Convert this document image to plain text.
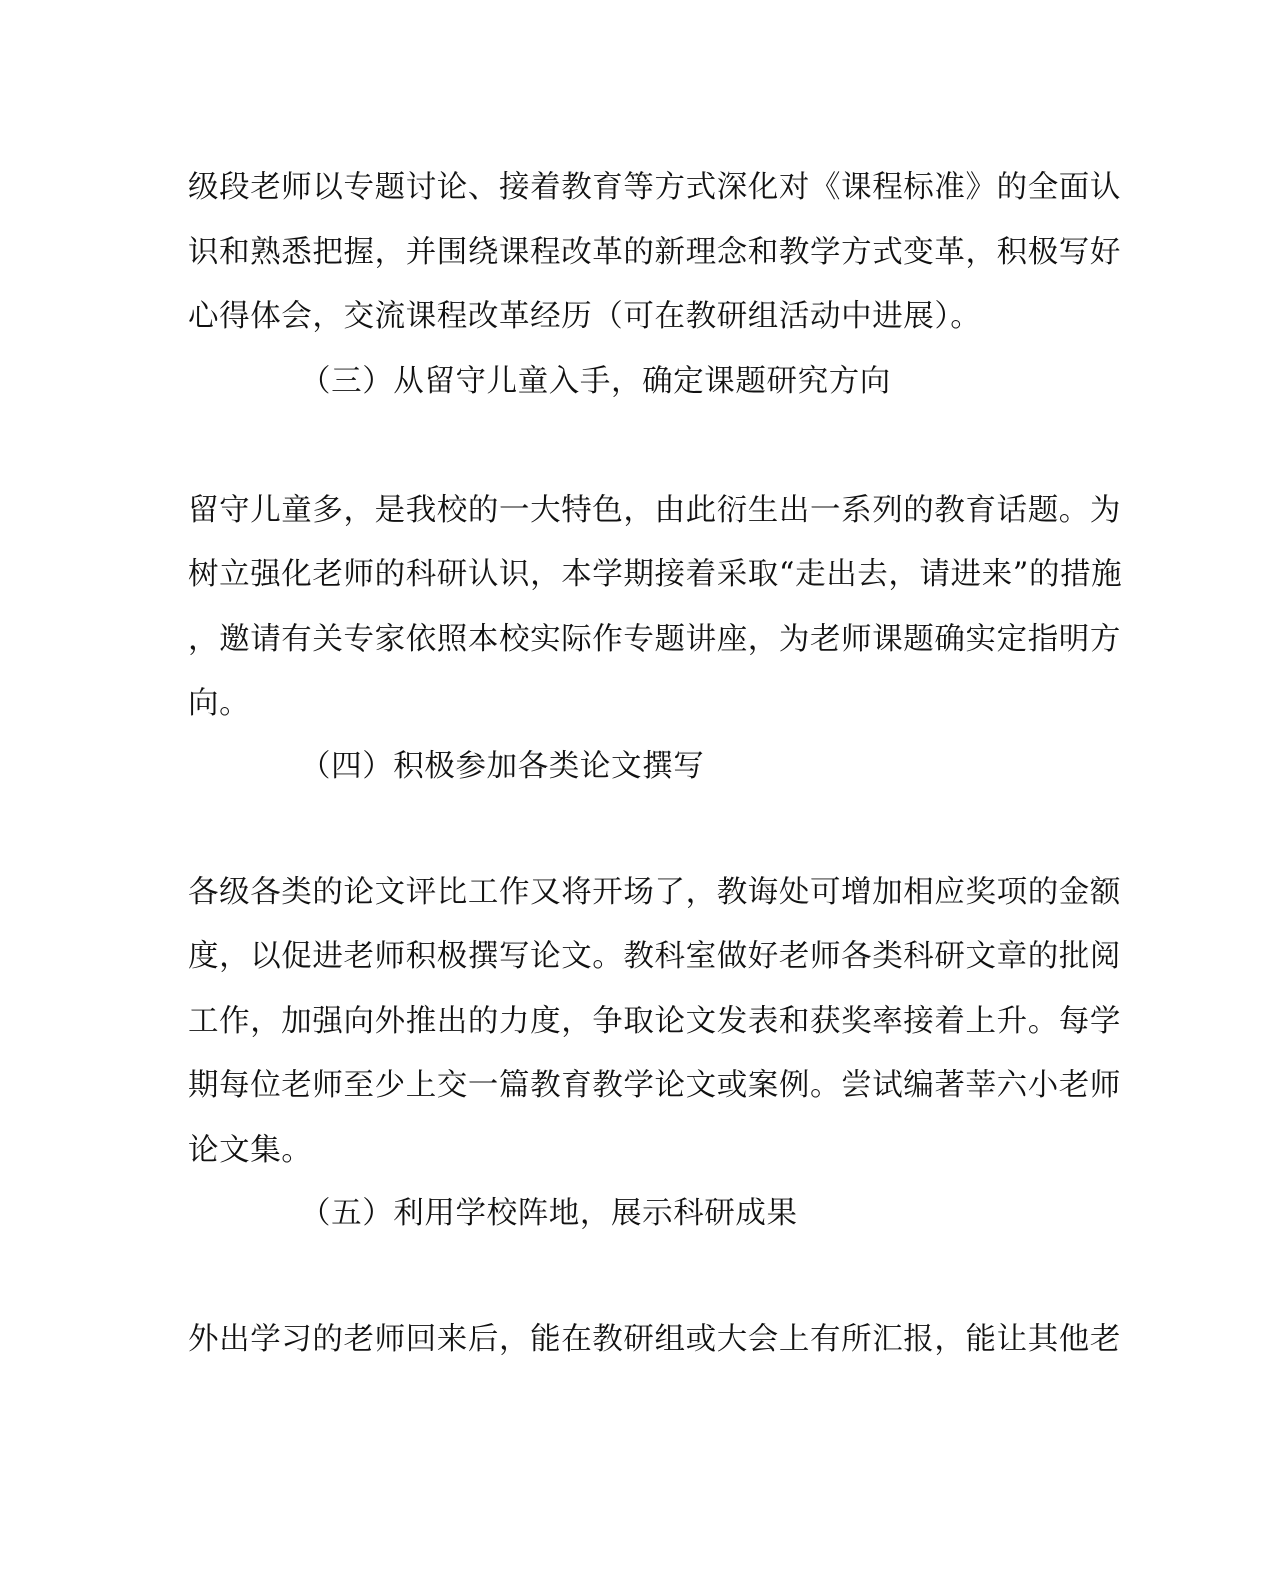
级段老师以专题讨论、接着教育等方式深化对《课程标准》的全面认
识和熟悉把握，并围绕课程改革的新理念和教学方式变革，积极写好
心得体会，交流课程改革经历（可在教研组活动中进展）。
（三）从留守儿童入手，确定课题研究方向
留守儿童多，是我校的一大特色，由此衍生出一系列的教育话题。为
树立强化老师的科研认识，本学期接着采取“走出去，请进来”的措施
，邀请有关专家依照本校实际作专题讲座，为老师课题确实定指明方
向。
（四）积极参加各类论文撰写
各级各类的论文评比工作又将开场了，教诲处可增加相应奖项的金额
度，以促进老师积极撰写论文。教科室做好老师各类科研文章的批阅
工作，加强向外推出的力度，争取论文发表和获奖率接着上升。每学
期每位老师至少上交一篇教育教学论文或案例。尝试编著莘六小老师
论文集。
（五）利用学校阵地，展示科研成果
外出学习的老师回来后，能在教研组或大会上有所汇报，能让其他老
